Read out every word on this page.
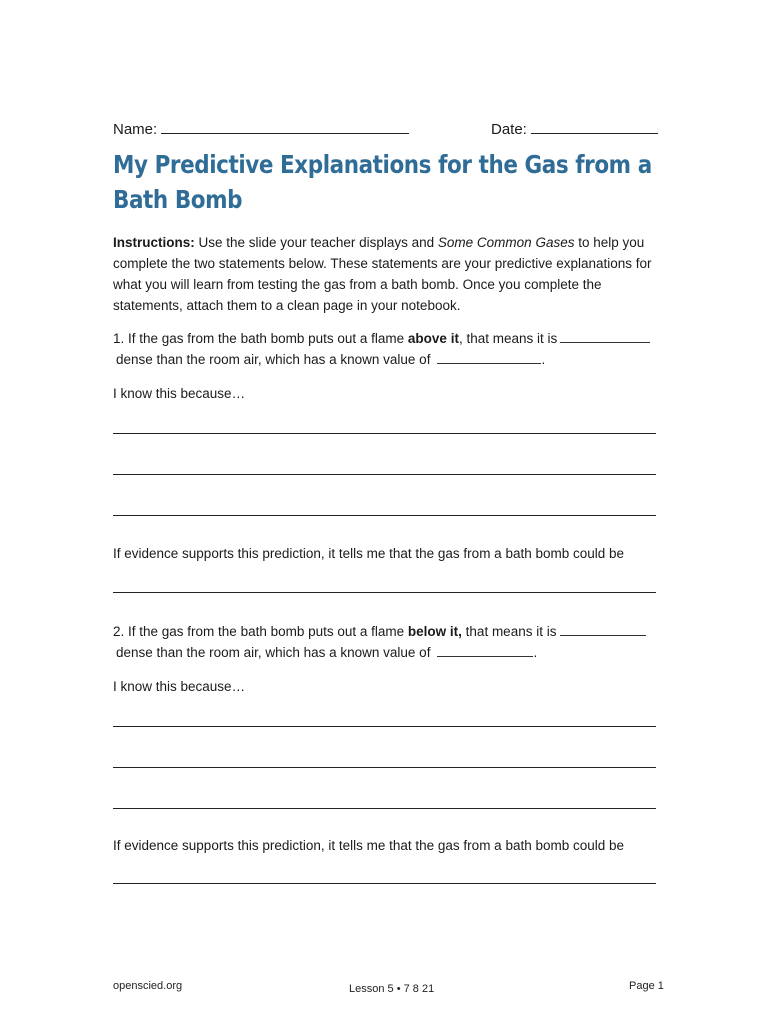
Name:	Date:
My Predictive Explanations for the Gas from a Bath Bomb
Instructions: Use the slide your teacher displays and Some Common Gases to help you complete the two statements below. These statements are your predictive explanations for what you will learn from testing the gas from a bath bomb. Once you complete the statements, attach them to a clean page in your notebook.
1. If the gas from the bath bomb puts out a flame above it, that means it is
dense than the room air, which has a known value of	.
I know this because…
If evidence supports this prediction, it tells me that the gas from a bath bomb could be
2. If the gas from the bath bomb puts out a flame below it, that means it is
dense than the room air, which has a known value of	.
I know this because…
If evidence supports this prediction, it tells me that the gas from a bath bomb could be
openscied.org	Lesson 5 • 7 8 21	Page 1
